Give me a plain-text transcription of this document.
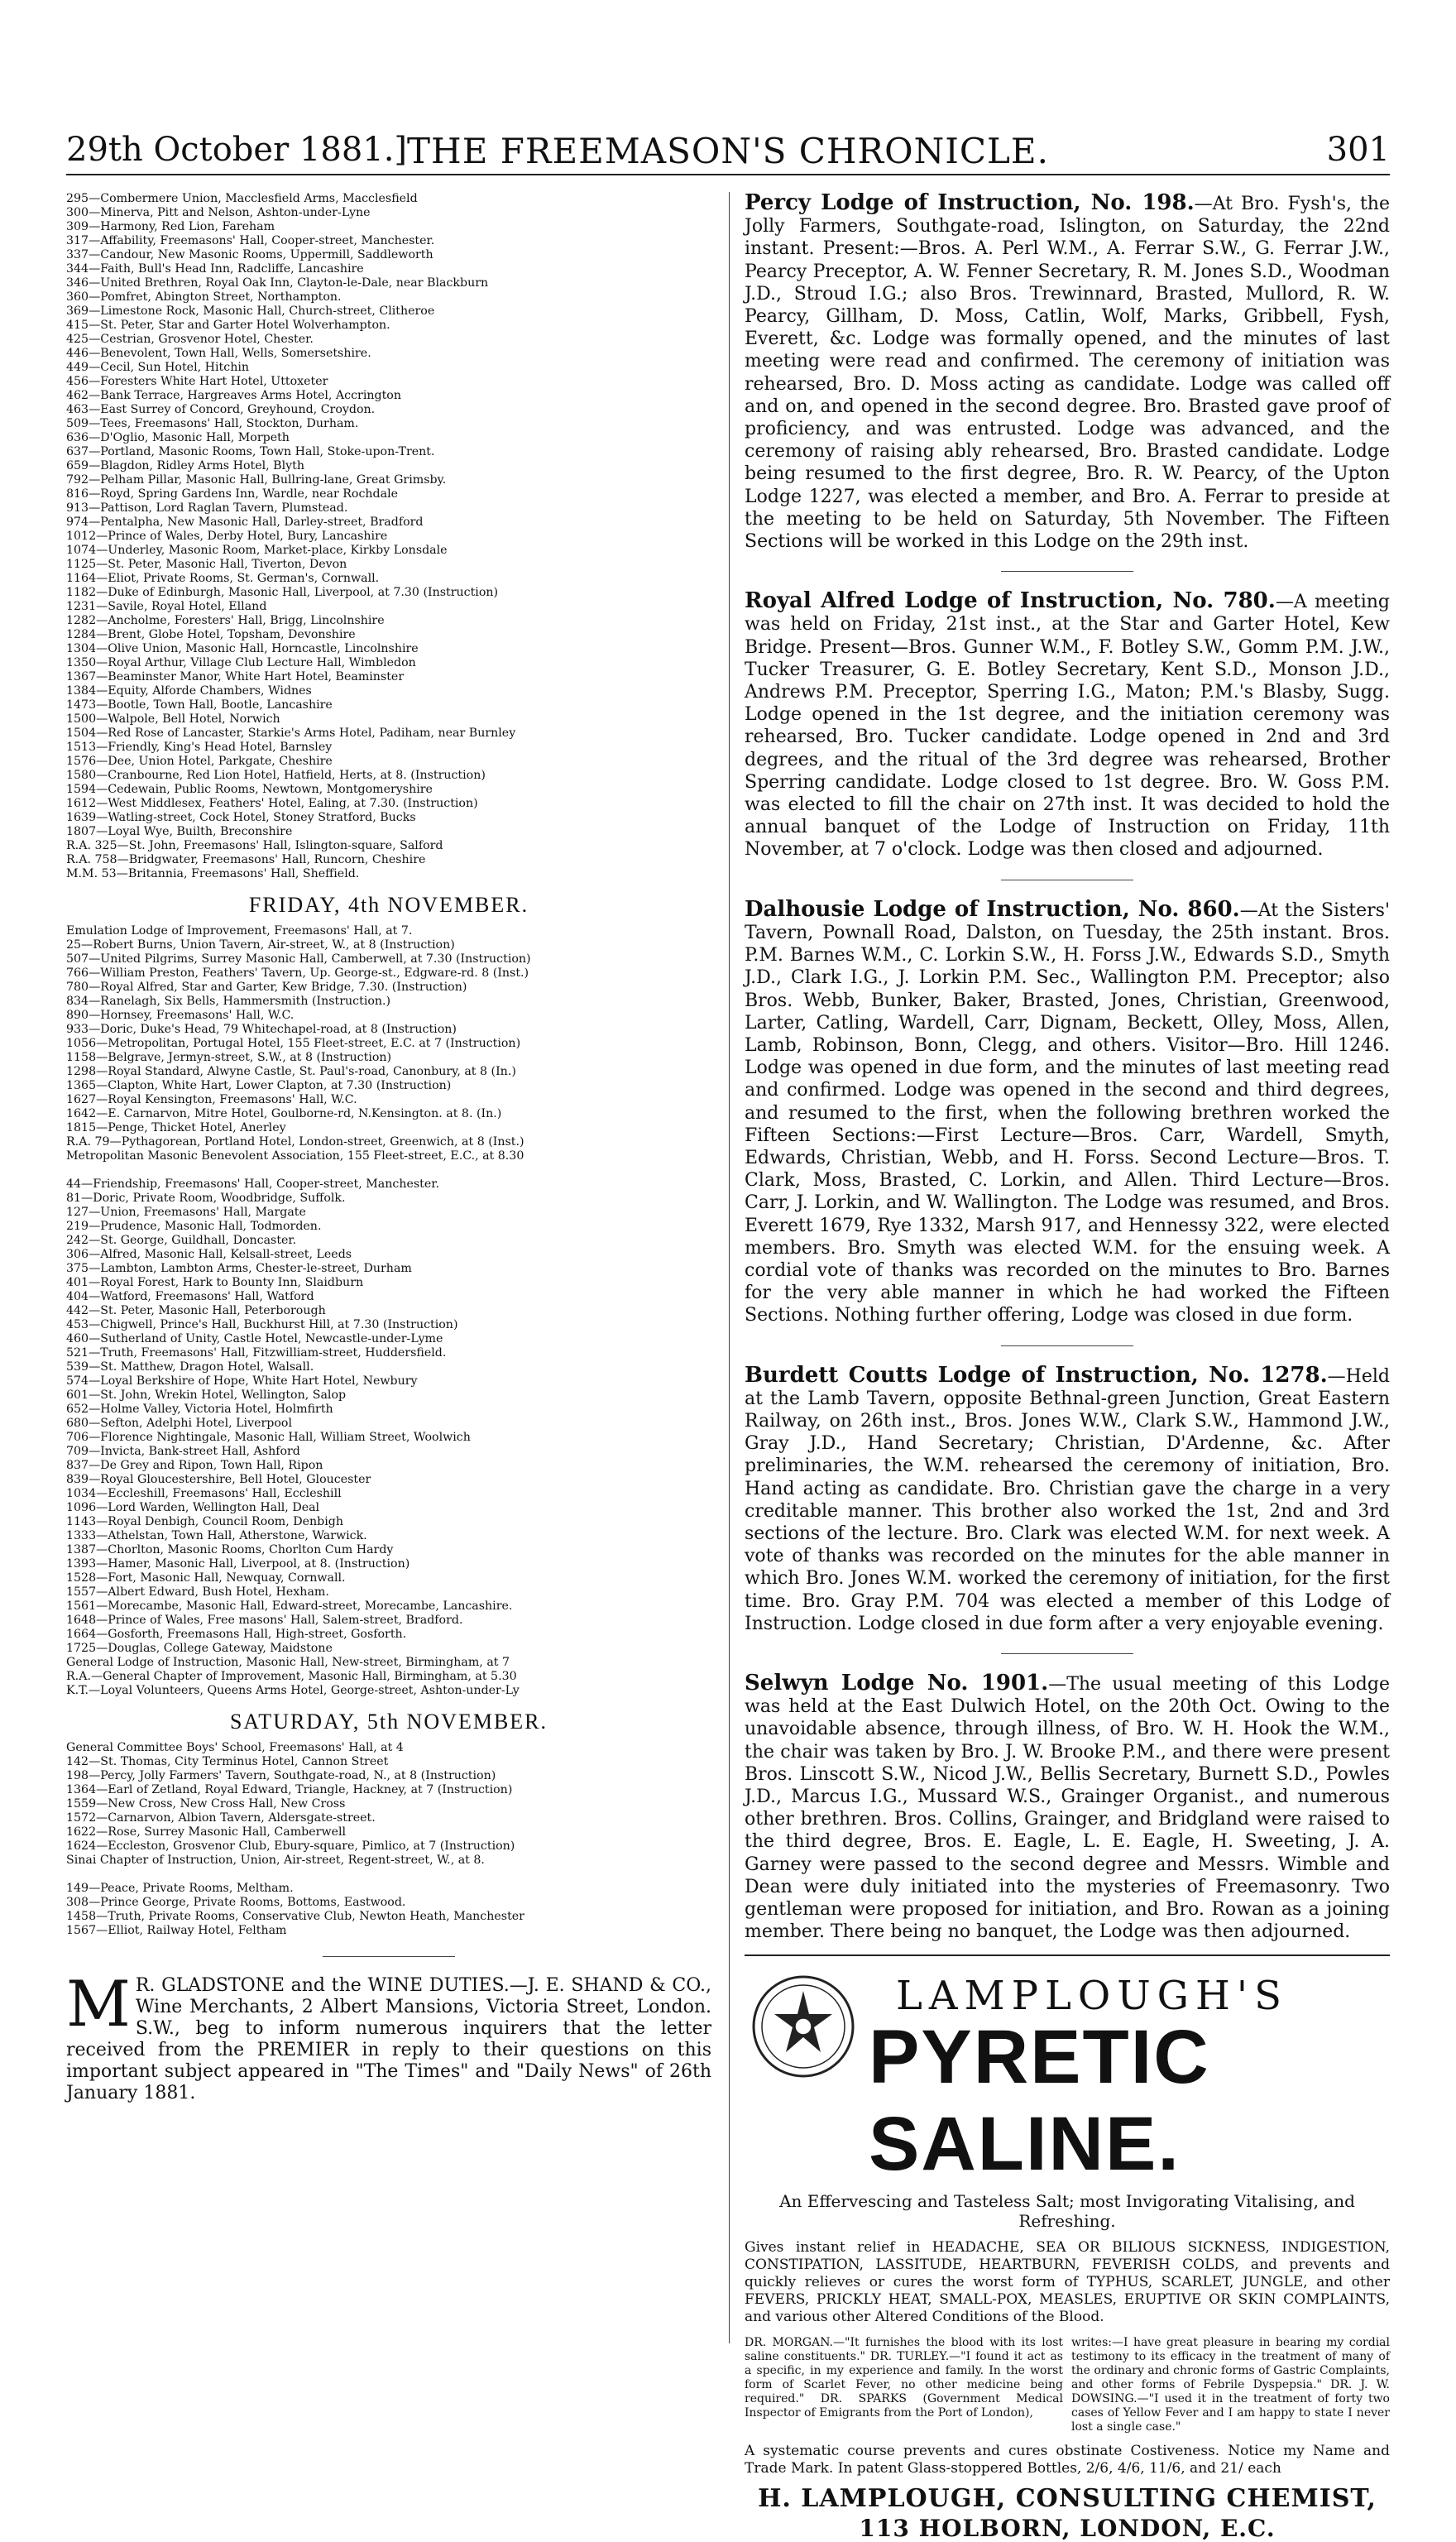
29th October 1881.] THE FREEMASON'S CHRONICLE.	301
295—Combermere Union, Macclesfield Arms, Macclesfield
300—Minerva, Pitt and Nelson, Ashton-under-Lyne
309—Harmony, Red Lion, Fareham
317—Affability, Freemasons' Hall, Cooper-street, Manchester.
337—Candour, New Masonic Rooms, Uppermill, Saddleworth
344—Faith, Bull's Head Inn, Radcliffe, Lancashire
346—United Brethren, Royal Oak Inn, Clayton-le-Dale, near Blackburn
360—Pomfret, Abington Street, Northampton.
369—Limestone Rock, Masonic Hall, Church-street, Clitheroe
415—St. Peter, Star and Garter Hotel Wolverhampton.
425—Cestrian, Grosvenor Hotel, Chester.
446—Benevolent, Town Hall, Wells, Somersetshire.
449—Cecil, Sun Hotel, Hitchin
456—Foresters White Hart Hotel, Uttoxeter
462—Bank Terrace, Hargreaves Arms Hotel, Accrington
463—East Surrey of Concord, Greyhound, Croydon.
509—Tees, Freemasons' Hall, Stockton, Durham.
636—D'Oglio, Masonic Hall, Morpeth
637—Portland, Masonic Rooms, Town Hall, Stoke-upon-Trent.
659—Blagdon, Ridley Arms Hotel, Blyth
792—Pelham Pillar, Masonic Hall, Bullring-lane, Great Grimsby.
816—Royd, Spring Gardens Inn, Wardle, near Rochdale
913—Pattison, Lord Raglan Tavern, Plumstead.
974—Pentalpha, New Masonic Hall, Darley-street, Bradford
1012—Prince of Wales, Derby Hotel, Bury, Lancashire
1074—Underley, Masonic Room, Market-place, Kirkby Lonsdale
1125—St. Peter, Masonic Hall, Tiverton, Devon
1164—Eliot, Private Rooms, St. German's, Cornwall.
1182—Duke of Edinburgh, Masonic Hall, Liverpool, at 7.30 (Instruction)
1231—Savile, Royal Hotel, Elland
1282—Ancholme, Foresters' Hall, Brigg, Lincolnshire
1284—Brent, Globe Hotel, Topsham, Devonshire
1304—Olive Union, Masonic Hall, Horncastle, Lincolnshire
1350—Royal Arthur, Village Club Lecture Hall, Wimbledon
1367—Beaminster Manor, White Hart Hotel, Beaminster
1384—Equity, Alforde Chambers, Widnes
1473—Bootle, Town Hall, Bootle, Lancashire
1500—Walpole, Bell Hotel, Norwich
1504—Red Rose of Lancaster, Starkie's Arms Hotel, Padiham, near Burnley
1513—Friendly, King's Head Hotel, Barnsley
1576—Dee, Union Hotel, Parkgate, Cheshire
1580—Cranbourne, Red Lion Hotel, Hatfield, Herts, at 8. (Instruction)
1594—Cedewain, Public Rooms, Newtown, Montgomeryshire
1612—West Middlesex, Feathers' Hotel, Ealing, at 7.30. (Instruction)
1639—Watling-street, Cock Hotel, Stoney Stratford, Bucks
1807—Loyal Wye, Builth, Breconshire
R.A. 325—St. John, Freemasons' Hall, Islington-square, Salford
R.A. 758—Bridgwater, Freemasons' Hall, Runcorn, Cheshire
M.M. 53—Britannia, Freemasons' Hall, Sheffield.
FRIDAY, 4th NOVEMBER.
Emulation Lodge of Improvement, Freemasons' Hall, at 7.
25—Robert Burns, Union Tavern, Air-street, W., at 8 (Instruction)
507—United Pilgrims, Surrey Masonic Hall, Camberwell, at 7.30 (Instruction)
766—William Preston, Feathers' Tavern, Up. George-st., Edgware-rd. 8 (Inst.)
780—Royal Alfred, Star and Garter, Kew Bridge, 7.30. (Instruction)
834—Ranelagh, Six Bells, Hammersmith (Instruction.)
890—Hornsey, Freemasons' Hall, W.C.
933—Doric, Duke's Head, 79 Whitechapel-road, at 8 (Instruction)
1056—Metropolitan, Portugal Hotel, 155 Fleet-street, E.C. at 7 (Instruction)
1158—Belgrave, Jermyn-street, S.W., at 8 (Instruction)
1298—Royal Standard, Alwyne Castle, St. Paul's-road, Canonbury, at 8 (In.)
1365—Clapton, White Hart, Lower Clapton, at 7.30 (Instruction)
1627—Royal Kensington, Freemasons' Hall, W.C.
1642—E. Carnarvon, Mitre Hotel, Goulborne-rd, N.Kensington. at 8. (In.)
1815—Penge, Thicket Hotel, Anerley
R.A. 79—Pythagorean, Portland Hotel, London-street, Greenwich, at 8 (Inst.)
Metropolitan Masonic Benevolent Association, 155 Fleet-street, E.C., at 8.30

44—Friendship, Freemasons' Hall, Cooper-street, Manchester.
81—Doric, Private Room, Woodbridge, Suffolk.
127—Union, Freemasons' Hall, Margate
219—Prudence, Masonic Hall, Todmorden.
242—St. George, Guildhall, Doncaster.
306—Alfred, Masonic Hall, Kelsall-street, Leeds
375—Lambton, Lambton Arms, Chester-le-street, Durham
401—Royal Forest, Hark to Bounty Inn, Slaidburn
404—Watford, Freemasons' Hall, Watford
442—St. Peter, Masonic Hall, Peterborough
453—Chigwell, Prince's Hall, Buckhurst Hill, at 7.30 (Instruction)
460—Sutherland of Unity, Castle Hotel, Newcastle-under-Lyme
521—Truth, Freemasons' Hall, Fitzwilliam-street, Huddersfield.
539—St. Matthew, Dragon Hotel, Walsall.
574—Loyal Berkshire of Hope, White Hart Hotel, Newbury
601—St. John, Wrekin Hotel, Wellington, Salop
652—Holme Valley, Victoria Hotel, Holmfirth
680—Sefton, Adelphi Hotel, Liverpool
706—Florence Nightingale, Masonic Hall, William Street, Woolwich
709—Invicta, Bank-street Hall, Ashford
837—De Grey and Ripon, Town Hall, Ripon
839—Royal Gloucestershire, Bell Hotel, Gloucester
1034—Eccleshill, Freemasons' Hall, Eccleshill
1096—Lord Warden, Wellington Hall, Deal
1143—Royal Denbigh, Council Room, Denbigh
1333—Athelstan, Town Hall, Atherstone, Warwick.
1387—Chorlton, Masonic Rooms, Chorlton Cum Hardy
1393—Hamer, Masonic Hall, Liverpool, at 8. (Instruction)
1528—Fort, Masonic Hall, Newquay, Cornwall.
1557—Albert Edward, Bush Hotel, Hexham.
1561—Morecambe, Masonic Hall, Edward-street, Morecambe, Lancashire.
1648—Prince of Wales, Free masons' Hall, Salem-street, Bradford.
1664—Gosforth, Freemasons Hall, High-street, Gosforth.
1725—Douglas, College Gateway, Maidstone
General Lodge of Instruction, Masonic Hall, New-street, Birmingham, at 7
R.A.—General Chapter of Improvement, Masonic Hall, Birmingham, at 5.30
K.T.—Loyal Volunteers, Queens Arms Hotel, George-street, Ashton-under-Ly
SATURDAY, 5th NOVEMBER.
General Committee Boys' School, Freemasons' Hall, at 4
142—St. Thomas, City Terminus Hotel, Cannon Street
198—Percy, Jolly Farmers' Tavern, Southgate-road, N., at 8 (Instruction)
1364—Earl of Zetland, Royal Edward, Triangle, Hackney, at 7 (Instruction)
1559—New Cross, New Cross Hall, New Cross
1572—Carnarvon, Albion Tavern, Aldersgate-street.
1622—Rose, Surrey Masonic Hall, Camberwell
1624—Eccleston, Grosvenor Club, Ebury-square, Pimlico, at 7 (Instruction)
Sinai Chapter of Instruction, Union, Air-street, Regent-street, W., at 8.

149—Peace, Private Rooms, Meltham.
308—Prince George, Private Rooms, Bottoms, Eastwood.
1458—Truth, Private Rooms, Conservative Club, Newton Heath, Manchester
1567—Elliot, Railway Hotel, Feltham
M R. GLADSTONE and the WINE DUTIES.—J. E. SHAND & CO., Wine Merchants, 2 Albert Mansions, Victoria Street, London. S.W., beg to inform numerous inquirers that the letter received from the PREMIER in reply to their questions on this important subject appeared in "The Times" and "Daily News" of 26th January 1881.
Percy Lodge of Instruction, No. 198.—At Bro. Fysh's, the Jolly Farmers, Southgate-road, Islington, on Saturday, the 22nd instant. Present:—Bros. A. Perl W.M., A. Ferrar S.W., G. Ferrar J.W., Pearcy Preceptor, A. W. Fenner Secretary, R. M. Jones S.D., Woodman J.D., Stroud I.G.; also Bros. Trewinnard, Brasted, Mullord, R. W. Pearcy, Gillham, D. Moss, Catlin, Wolf, Marks, Gribbell, Fysh, Everett, &c. Lodge was formally opened, and the minutes of last meeting were read and confirmed. The ceremony of initiation was rehearsed, Bro. D. Moss acting as candidate. Lodge was called off and on, and opened in the second degree. Bro. Brasted gave proof of proficiency, and was entrusted. Lodge was advanced, and the ceremony of raising ably rehearsed, Bro. Brasted candidate. Lodge being resumed to the first degree, Bro. R. W. Pearcy, of the Upton Lodge 1227, was elected a member, and Bro. A. Ferrar to preside at the meeting to be held on Saturday, 5th November. The Fifteen Sections will be worked in this Lodge on the 29th inst.
Royal Alfred Lodge of Instruction, No. 780.—A meeting was held on Friday, 21st inst., at the Star and Garter Hotel, Kew Bridge. Present—Bros. Gunner W.M., F. Botley S.W., Gomm P.M. J.W., Tucker Treasurer, G. E. Botley Secretary, Kent S.D., Monson J.D., Andrews P.M. Preceptor, Sperring I.G., Maton; P.M.'s Blasby, Sugg. Lodge opened in the 1st degree, and the initiation ceremony was rehearsed, Bro. Tucker candidate. Lodge opened in 2nd and 3rd degrees, and the ritual of the 3rd degree was rehearsed, Brother Sperring candidate. Lodge closed to 1st degree. Bro. W. Goss P.M. was elected to fill the chair on 27th inst. It was decided to hold the annual banquet of the Lodge of Instruction on Friday, 11th November, at 7 o'clock. Lodge was then closed and adjourned.
Dalhousie Lodge of Instruction, No. 860.—At the Sisters' Tavern, Pownall Road, Dalston, on Tuesday, the 25th instant. Bros. P.M. Barnes W.M., C. Lorkin S.W., H. Forss J.W., Edwards S.D., Smyth J.D., Clark I.G., J. Lorkin P.M. Sec., Wallington P.M. Preceptor; also Bros. Webb, Bunker, Baker, Brasted, Jones, Christian, Greenwood, Larter, Catling, Wardell, Carr, Dignam, Beckett, Olley, Moss, Allen, Lamb, Robinson, Bonn, Clegg, and others. Visitor—Bro. Hill 1246. Lodge was opened in due form, and the minutes of last meeting read and confirmed. Lodge was opened in the second and third degrees, and resumed to the first, when the following brethren worked the Fifteen Sections:—First Lecture—Bros. Carr, Wardell, Smyth, Edwards, Christian, Webb, and H. Forss. Second Lecture—Bros. T. Clark, Moss, Brasted, C. Lorkin, and Allen. Third Lecture—Bros. Carr, J. Lorkin, and W. Wallington. The Lodge was resumed, and Bros. Everett 1679, Rye 1332, Marsh 917, and Hennessy 322, were elected members. Bro. Smyth was elected W.M. for the ensuing week. A cordial vote of thanks was recorded on the minutes to Bro. Barnes for the very able manner in which he had worked the Fifteen Sections. Nothing further offering, Lodge was closed in due form.
Burdett Coutts Lodge of Instruction, No. 1278.—Held at the Lamb Tavern, opposite Bethnal-green Junction, Great Eastern Railway, on 26th inst., Bros. Jones W.W., Clark S.W., Hammond J.W., Gray J.D., Hand Secretary; Christian, D'Ardenne, &c. After preliminaries, the W.M. rehearsed the ceremony of initiation, Bro. Hand acting as candidate. Bro. Christian gave the charge in a very creditable manner. This brother also worked the 1st, 2nd and 3rd sections of the lecture. Bro. Clark was elected W.M. for next week. A vote of thanks was recorded on the minutes for the able manner in which Bro. Jones W.M. worked the ceremony of initiation, for the first time. Bro. Gray P.M. 704 was elected a member of this Lodge of Instruction. Lodge closed in due form after a very enjoyable evening.
Selwyn Lodge No. 1901.—The usual meeting of this Lodge was held at the East Dulwich Hotel, on the 20th Oct. Owing to the unavoidable absence, through illness, of Bro. W. H. Hook the W.M., the chair was taken by Bro. J. W. Brooke P.M., and there were present Bros. Linscott S.W., Nicod J.W., Bellis Secretary, Burnett S.D., Powles J.D., Marcus I.G., Mussard W.S., Grainger Organist., and numerous other brethren. Bros. Collins, Grainger, and Bridgland were raised to the third degree, Bros. E. Eagle, L. E. Eagle, H. Sweeting, J. A. Garney were passed to the second degree and Messrs. Wimble and Dean were duly initiated into the mysteries of Freemasonry. Two gentleman were proposed for initiation, and Bro. Rowan as a joining member. There being no banquet, the Lodge was then adjourned.
LAMPLOUGH'S
PYRETIC SALINE.
An Effervescing and Tasteless Salt; most Invigorating Vitalising, and Refreshing.
Gives instant relief in HEADACHE, SEA OR BILIOUS SICKNESS, INDIGESTION, CONSTIPATION, LASSITUDE, HEARTBURN, FEVERISH COLDS, and prevents and quickly relieves or cures the worst form of TYPHUS, SCARLET, JUNGLE, and other FEVERS, PRICKLY HEAT, SMALL-POX, MEASLES, ERUPTIVE OR SKIN COMPLAINTS, and various other Altered Conditions of the Blood.
DR. MORGAN.—"It furnishes the blood with its lost saline constituents." DR. TURLEY.—"I found it act as a specific, in my experience and family. In the worst form of Scarlet Fever, no other medicine being required." DR. SPARKS (Government Medical Inspector of Emigrants from the Port of London),
writes:—I have great pleasure in bearing my cordial testimony to its efficacy in the treatment of many of the ordinary and chronic forms of Gastric Complaints, and other forms of Febrile Dyspepsia." DR. J. W. DOWSING.—"I used it in the treatment of forty two cases of Yellow Fever and I am happy to state I never lost a single case."
A systematic course prevents and cures obstinate Costiveness. Notice my Name and Trade Mark. In patent Glass-stoppered Bottles, 2/6, 4/6, 11/6, and 21/ each
H. LAMPLOUGH, CONSULTING CHEMIST,
113 HOLBORN, LONDON, E.C.
